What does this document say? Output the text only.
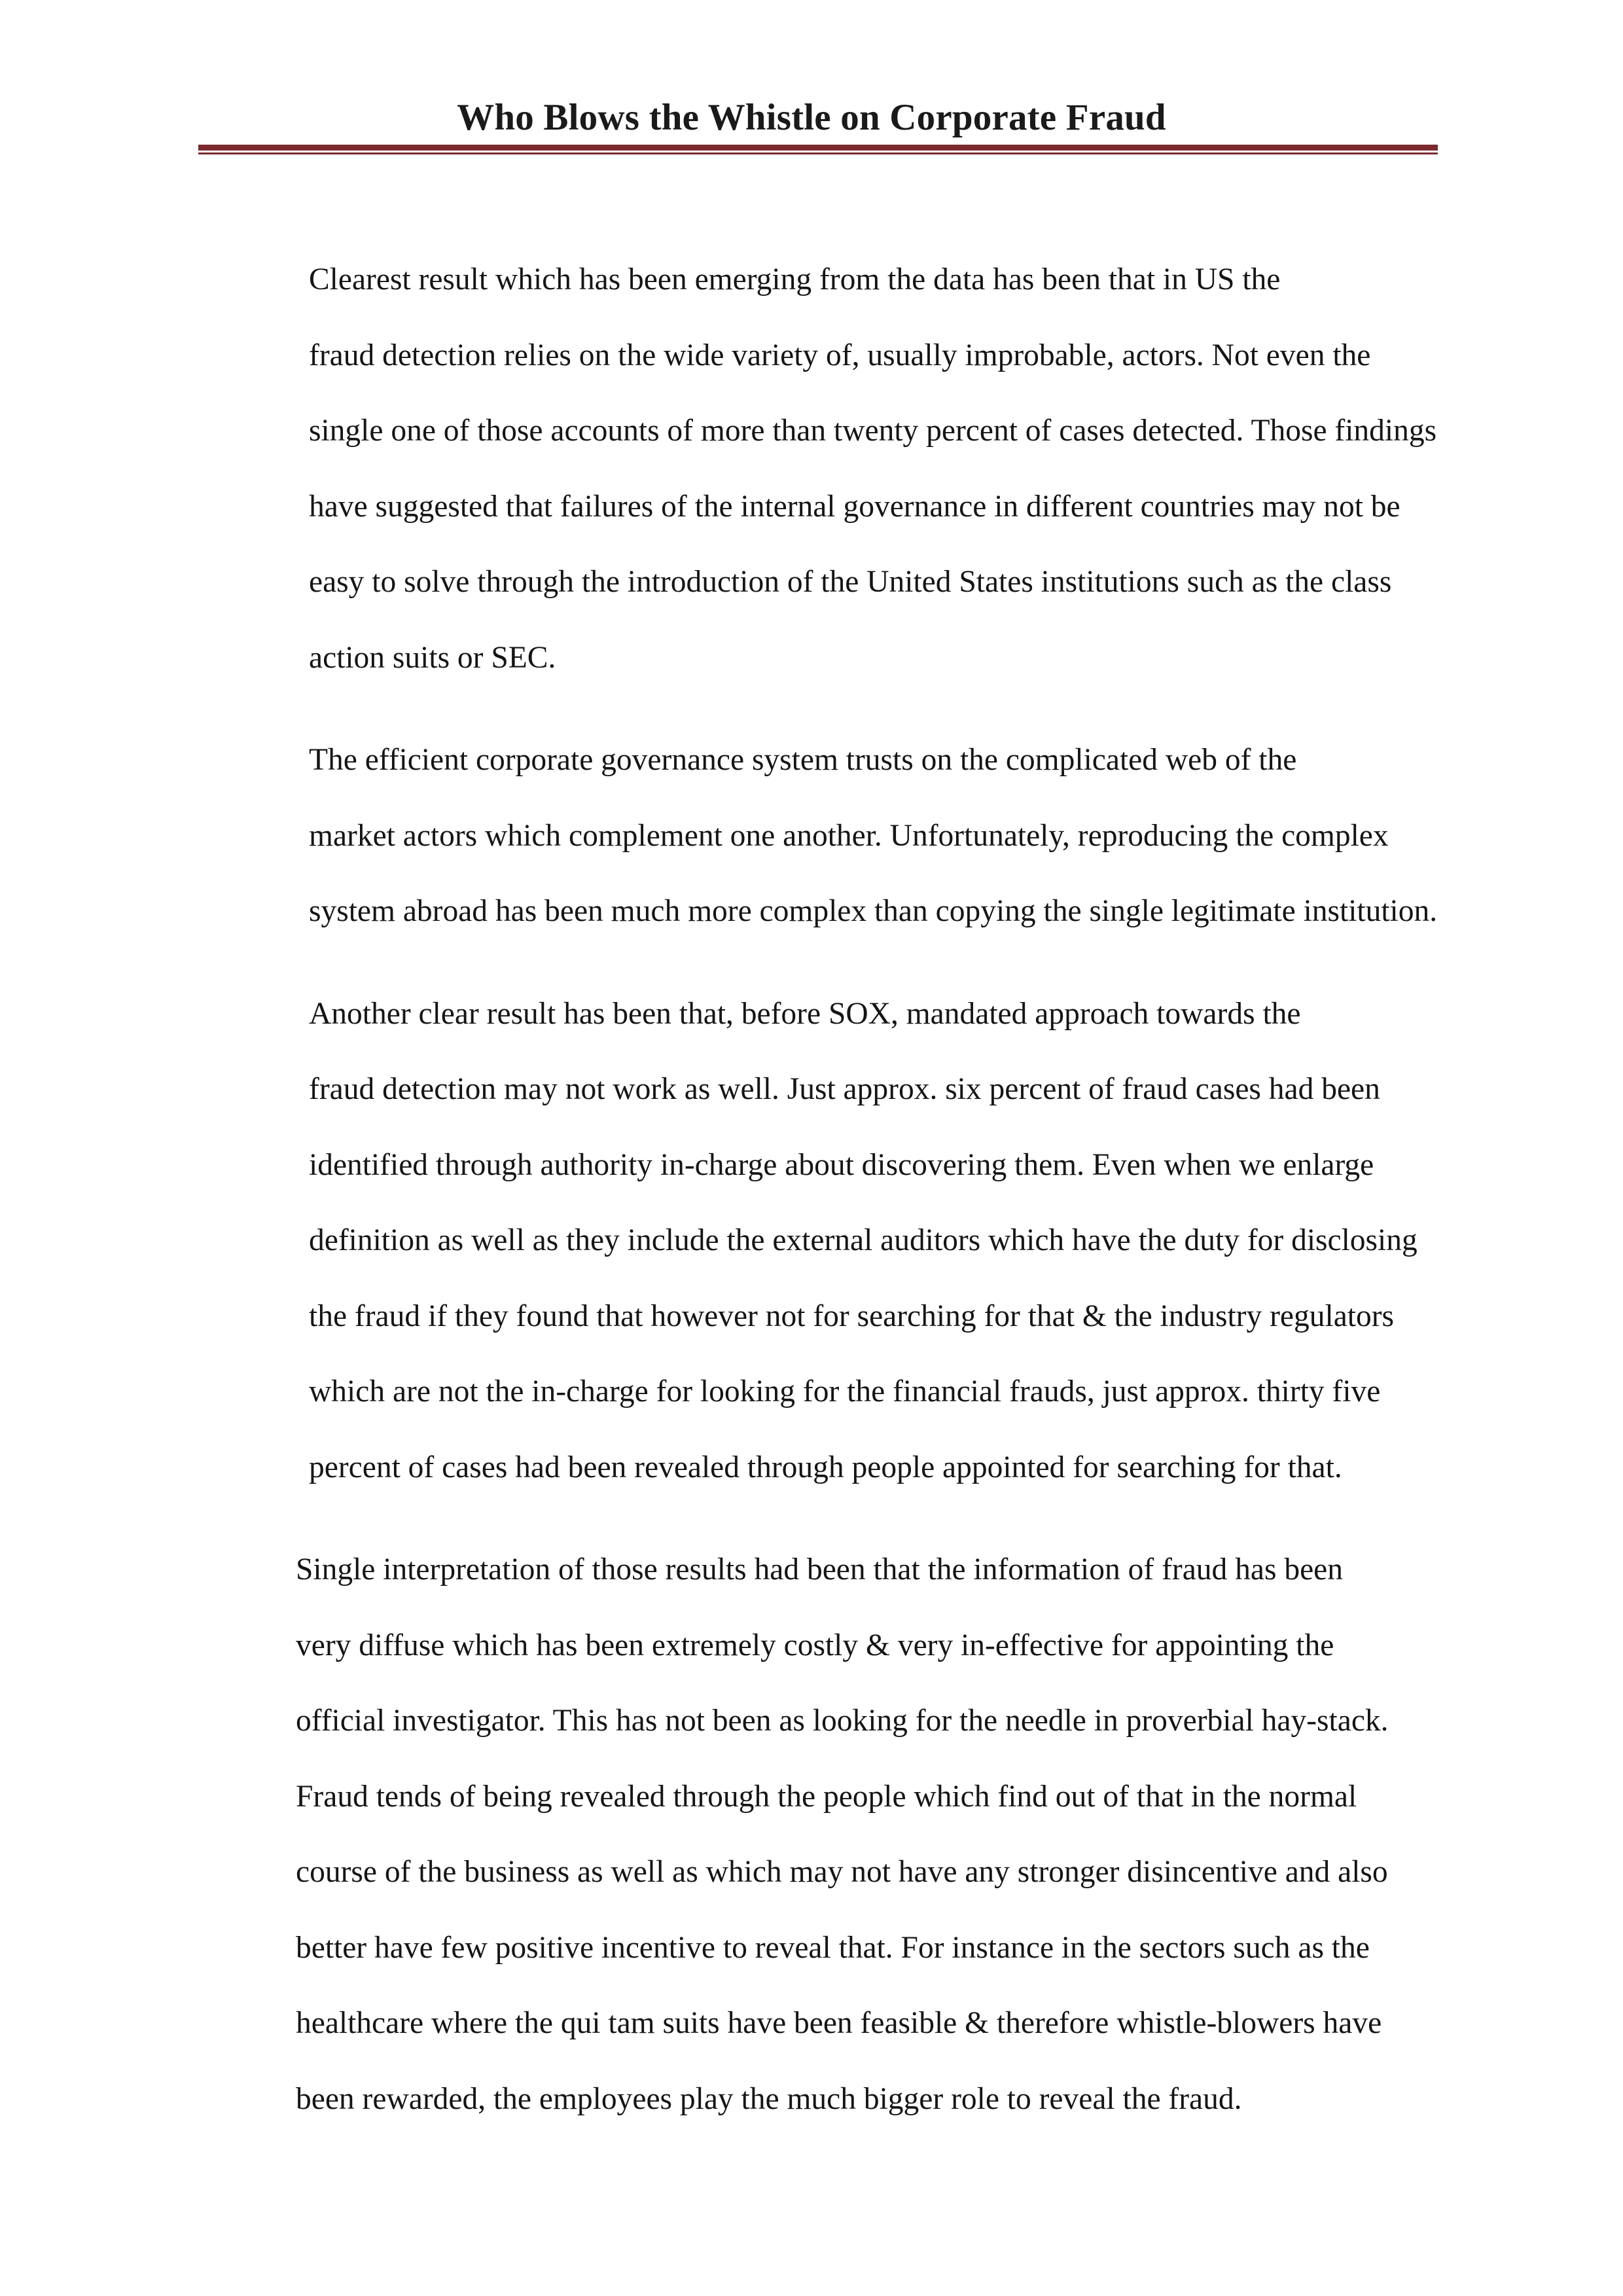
Who Blows the Whistle on Corporate Fraud

Clearest result which has been emerging from the data has been that in US the
fraud detection relies on the wide variety of, usually improbable, actors. Not even the
single one of those accounts of more than twenty percent of cases detected. Those findings
have suggested that failures of the internal governance in different countries may not be
easy to solve through the introduction of the United States institutions such as the class
action suits or SEC.

The efficient corporate governance system trusts on the complicated web of the
market actors which complement one another. Unfortunately, reproducing the complex
system abroad has been much more complex than copying the single legitimate institution.

Another clear result has been that, before SOX, mandated approach towards the
fraud detection may not work as well. Just approx. six percent of fraud cases had been
identified through authority in-charge about discovering them. Even when we enlarge
definition as well as they include the external auditors which have the duty for disclosing
the fraud if they found that however not for searching for that & the industry regulators
which are not the in-charge for looking for the financial frauds, just approx. thirty five
percent of cases had been revealed through people appointed for searching for that.

Single interpretation of those results had been that the information of fraud has been
very diffuse which has been extremely costly & very in-effective for appointing the
official investigator. This has not been as looking for the needle in proverbial hay-stack.
Fraud tends of being revealed through the people which find out of that in the normal
course of the business as well as which may not have any stronger disincentive and also
better have few positive incentive to reveal that. For instance in the sectors such as the
healthcare where the qui tam suits have been feasible & therefore whistle-blowers have
been rewarded, the employees play the much bigger role to reveal the fraud.
